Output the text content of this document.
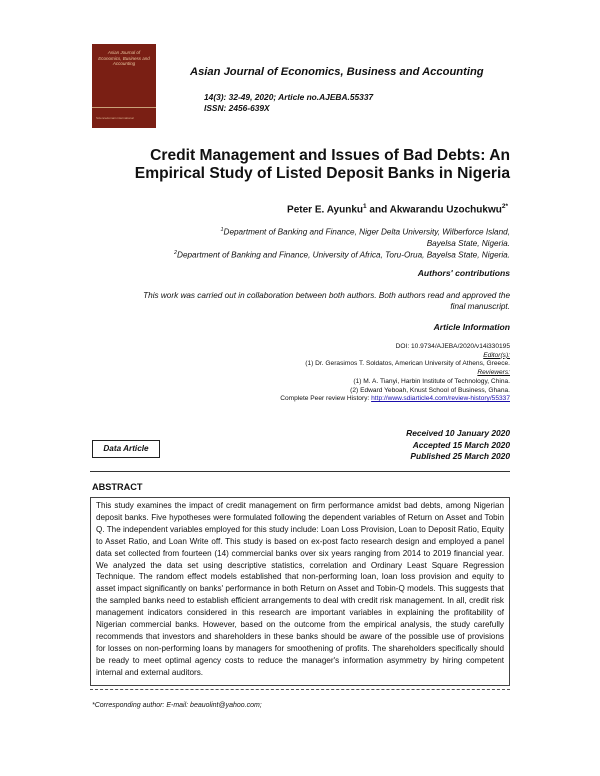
Asian Journal of Economics, Business and Accounting
Sciencedomain international
Asian Journal of Economics, Business and Accounting
14(3): 32-49, 2020; Article no.AJEBA.55337
ISSN: 2456-639X
Credit Management and Issues of Bad Debts: An
Empirical Study of Listed Deposit Banks in Nigeria
Peter E. Ayunku$^1$ and Akwarandu Uzochukwu$^{2*}$
$^1$Department of Banking and Finance, Niger Delta University, Wilberforce Island,
Bayelsa State, Nigeria.
$^2$Department of Banking and Finance, University of Africa, Toru-Orua, Bayelsa State, Nigeria.
Authors' contributions
This work was carried out in collaboration between both authors. Both authors read and approved the
final manuscript.
Article Information
DOI: 10.9734/AJEBA/2020/v14i330195
Editor(s):
(1) Dr. Gerasimos T. Soldatos, American University of Athens, Greece.
Reviewers:
(1) M. A. Tianyi, Harbin Institute of Technology, China.
(2) Edward Yeboah, Knust School of Business, Ghana.
Complete Peer review History: http://www.sdiarticle4.com/review-history/55337
Received 10 January 2020
Accepted 15 March 2020
Published 25 March 2020
Data Article
ABSTRACT
This study examines the impact of credit management on firm performance amidst bad debts, among Nigerian deposit banks. Five hypotheses were formulated following the dependent variables of Return on Asset and Tobin Q. The independent variables employed for this study include: Loan Loss Provision, Loan to Deposit Ratio, Equity to Asset Ratio, and Loan Write off. This study is based on ex-post facto research design and employed a panel data set collected from fourteen (14) commercial banks over six years ranging from 2014 to 2019 financial year. We analyzed the data set using descriptive statistics, correlation and Ordinary Least Square Regression Technique. The random effect models established that non-performing loan, loan loss provision and equity to asset impact significantly on banks' performance in both Return on Asset and Tobin-Q models. This suggests that the sampled banks need to establish efficient arrangements to deal with credit risk management. In all, credit risk management indicators considered in this research are important variables in explaining the profitability of Nigerian commercial banks. However, based on the outcome from the empirical analysis, the study carefully recommends that investors and shareholders in these banks should be aware of the possible use of provisions for losses on non-performing loans by managers for smoothening of profits. The shareholders specifically should be ready to meet optimal agency costs to reduce the manager's information asymmetry by hiring competent internal and external auditors.
*Corresponding author: E-mail: beauolint@yahoo.com;
